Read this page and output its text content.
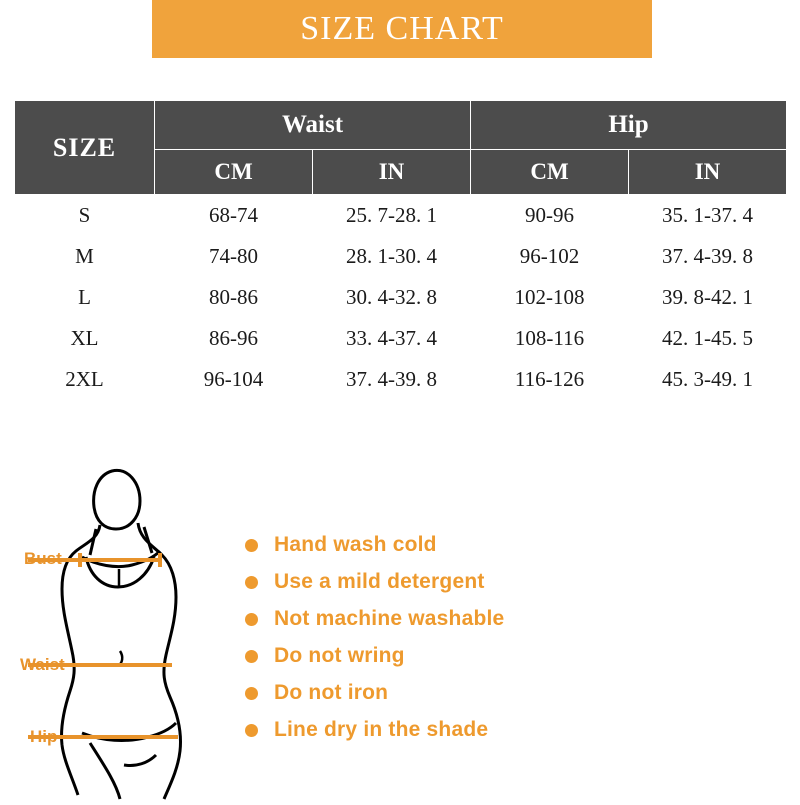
SIZE CHART
SIZE	Waist		Hip	
	CM	IN	CM	IN
S	68-74	25. 7-28. 1	90-96	35. 1-37. 4
M	74-80	28. 1-30. 4	96-102	37. 4-39. 8
L	80-86	30. 4-32. 8	102-108	39. 8-42. 1
XL	86-96	33. 4-37. 4	108-116	42. 1-45. 5
2XL	96-104	37. 4-39. 8	116-126	45. 3-49. 1

Bust
Waist
Hip
Hand wash cold
Use a mild detergent
Not machine washable
Do not wring
Do not iron
Line dry in the shade
